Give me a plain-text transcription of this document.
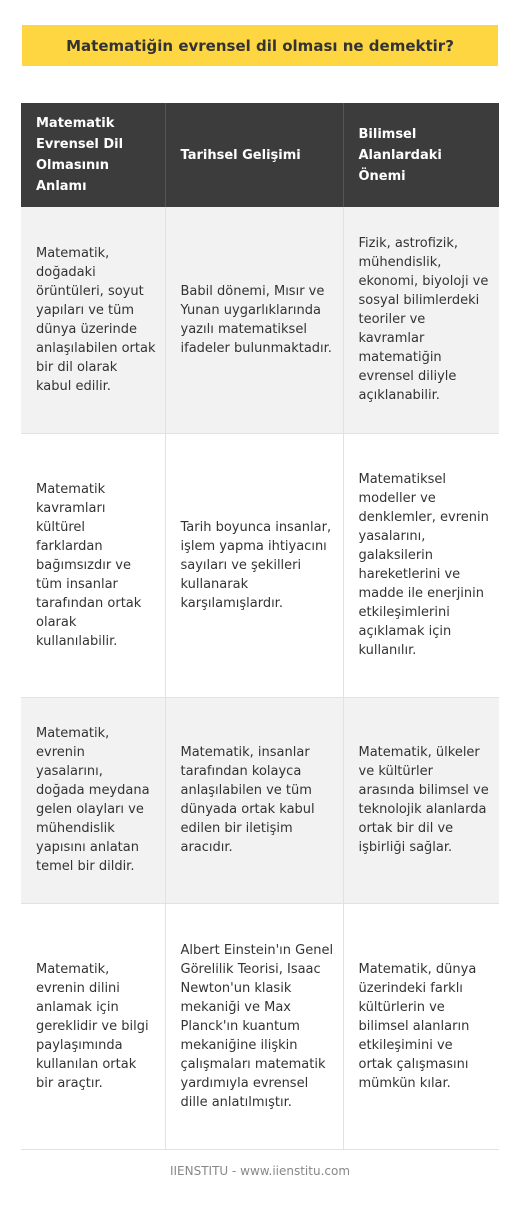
Matematiğin evrensel dil olması ne demektir?
Matematik Evrensel Dil Olmasının Anlamı	Tarihsel Gelişimi	Bilimsel Alanlardaki Önemi
Matematik, doğadaki örüntüleri, soyut yapıları ve tüm dünya üzerinde anlaşılabilen ortak bir dil olarak kabul edilir.	Babil dönemi, Mısır ve Yunan uygarlıklarında yazılı matematiksel ifadeler bulunmaktadır.	Fizik, astrofizik, mühendislik, ekonomi, biyoloji ve sosyal bilimlerdeki teoriler ve kavramlar matematiğin evrensel diliyle açıklanabilir.
Matematik kavramları kültürel farklardan bağımsızdır ve tüm insanlar tarafından ortak olarak kullanılabilir.	Tarih boyunca insanlar, işlem yapma ihtiyacını sayıları ve şekilleri kullanarak karşılamışlardır.	Matematiksel modeller ve denklemler, evrenin yasalarını, galaksilerin hareketlerini ve madde ile enerjinin etkileşimlerini açıklamak için kullanılır.
Matematik, evrenin yasalarını, doğada meydana gelen olayları ve mühendislik yapısını anlatan temel bir dildir.	Matematik, insanlar tarafından kolayca anlaşılabilen ve tüm dünyada ortak kabul edilen bir iletişim aracıdır.	Matematik, ülkeler ve kültürler arasında bilimsel ve teknolojik alanlarda ortak bir dil ve işbirliği sağlar.
Matematik, evrenin dilini anlamak için gereklidir ve bilgi paylaşımında kullanılan ortak bir araçtır.	Albert Einstein'ın Genel Görelilik Teorisi, Isaac Newton'un klasik mekaniği ve Max Planck'ın kuantum mekaniğine ilişkin çalışmaları matematik yardımıyla evrensel dille anlatılmıştır.	Matematik, dünya üzerindeki farklı kültürlerin ve bilimsel alanların etkileşimini ve ortak çalışmasını mümkün kılar.
IIENSTITU - www.iienstitu.com
